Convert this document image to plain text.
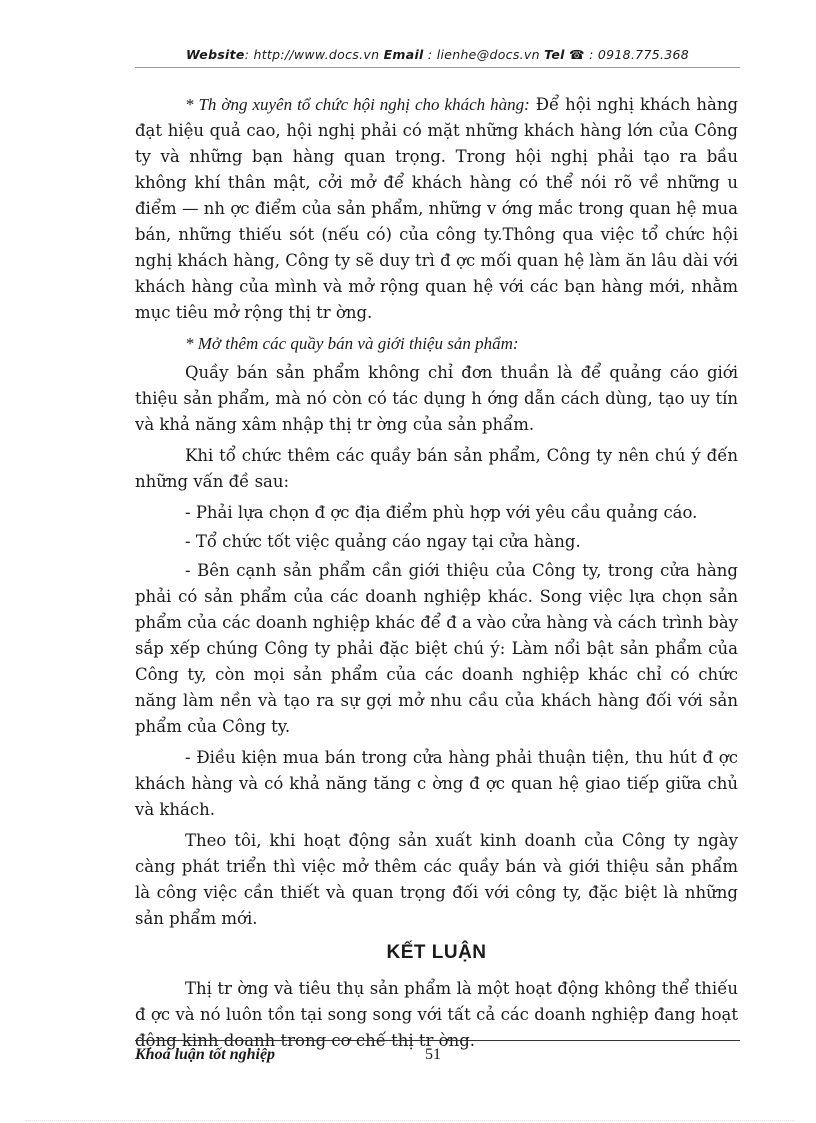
Website: http://www.docs.vn Email : lienhe@docs.vn Tel ☎ : 0918.775.368

* Th ờng xuyên tổ chức hội nghị cho khách hàng: Để hội nghị khách hàng đạt hiệu quả cao, hội nghị phải có mặt những khách hàng lớn của Công ty và những bạn hàng quan trọng. Trong hội nghị phải tạo ra bầu không khí thân mật, cởi mở để khách hàng có thể nói rõ về những u điểm — nh ợc điểm của sản phẩm, những v ớng mắc trong quan hệ mua bán, những thiếu sót (nếu có) của công ty.Thông qua việc tổ chức hội nghị khách hàng, Công ty sẽ duy trì đ ợc mối quan hệ làm ăn lâu dài với khách hàng của mình và mở rộng quan hệ với các bạn hàng mới, nhằm mục tiêu mở rộng thị tr ờng.

* Mở thêm các quầy bán và giới thiệu sản phẩm:

Quầy bán sản phẩm không chỉ đơn thuần là để quảng cáo giới thiệu sản phẩm, mà nó còn có tác dụng h ớng dẫn cách dùng, tạo uy tín và khả năng xâm nhập thị tr ờng của sản phẩm.

Khi tổ chức thêm các quầy bán sản phẩm, Công ty nên chú ý đến những vấn đề sau:

- Phải lựa chọn đ ợc địa điểm phù hợp với yêu cầu quảng cáo.

- Tổ chức tốt việc quảng cáo ngay tại cửa hàng.

- Bên cạnh sản phẩm cần giới thiệu của Công ty, trong cửa hàng phải có sản phẩm của các doanh nghiệp khác. Song việc lựa chọn sản phẩm của các doanh nghiệp khác để đ a vào cửa hàng và cách trình bày sắp xếp chúng Công ty phải đặc biệt chú ý: Làm nổi bật sản phẩm của Công ty, còn mọi sản phẩm của các doanh nghiệp khác chỉ có chức năng làm nền và tạo ra sự gợi mở nhu cầu của khách hàng đối với sản phẩm của Công ty.

- Điều kiện mua bán trong cửa hàng phải thuận tiện, thu hút đ ợc khách hàng và có khả năng tăng c ờng đ ợc quan hệ giao tiếp giữa chủ và khách.

Theo tôi, khi hoạt động sản xuất kinh doanh của Công ty ngày càng phát triển thì việc mở thêm các quầy bán và giới thiệu sản phẩm là công việc cần thiết và quan trọng đối với công ty, đặc biệt là những sản phẩm mới.

KẾT LUẬN

Thị tr ờng và tiêu thụ sản phẩm là một hoạt động không thể thiếu đ ợc và nó luôn tồn tại song song với tất cả các doanh nghiệp đang hoạt động kinh doanh trong cơ chế thị tr ờng.

Khoá luận tốt nghiệp	51
